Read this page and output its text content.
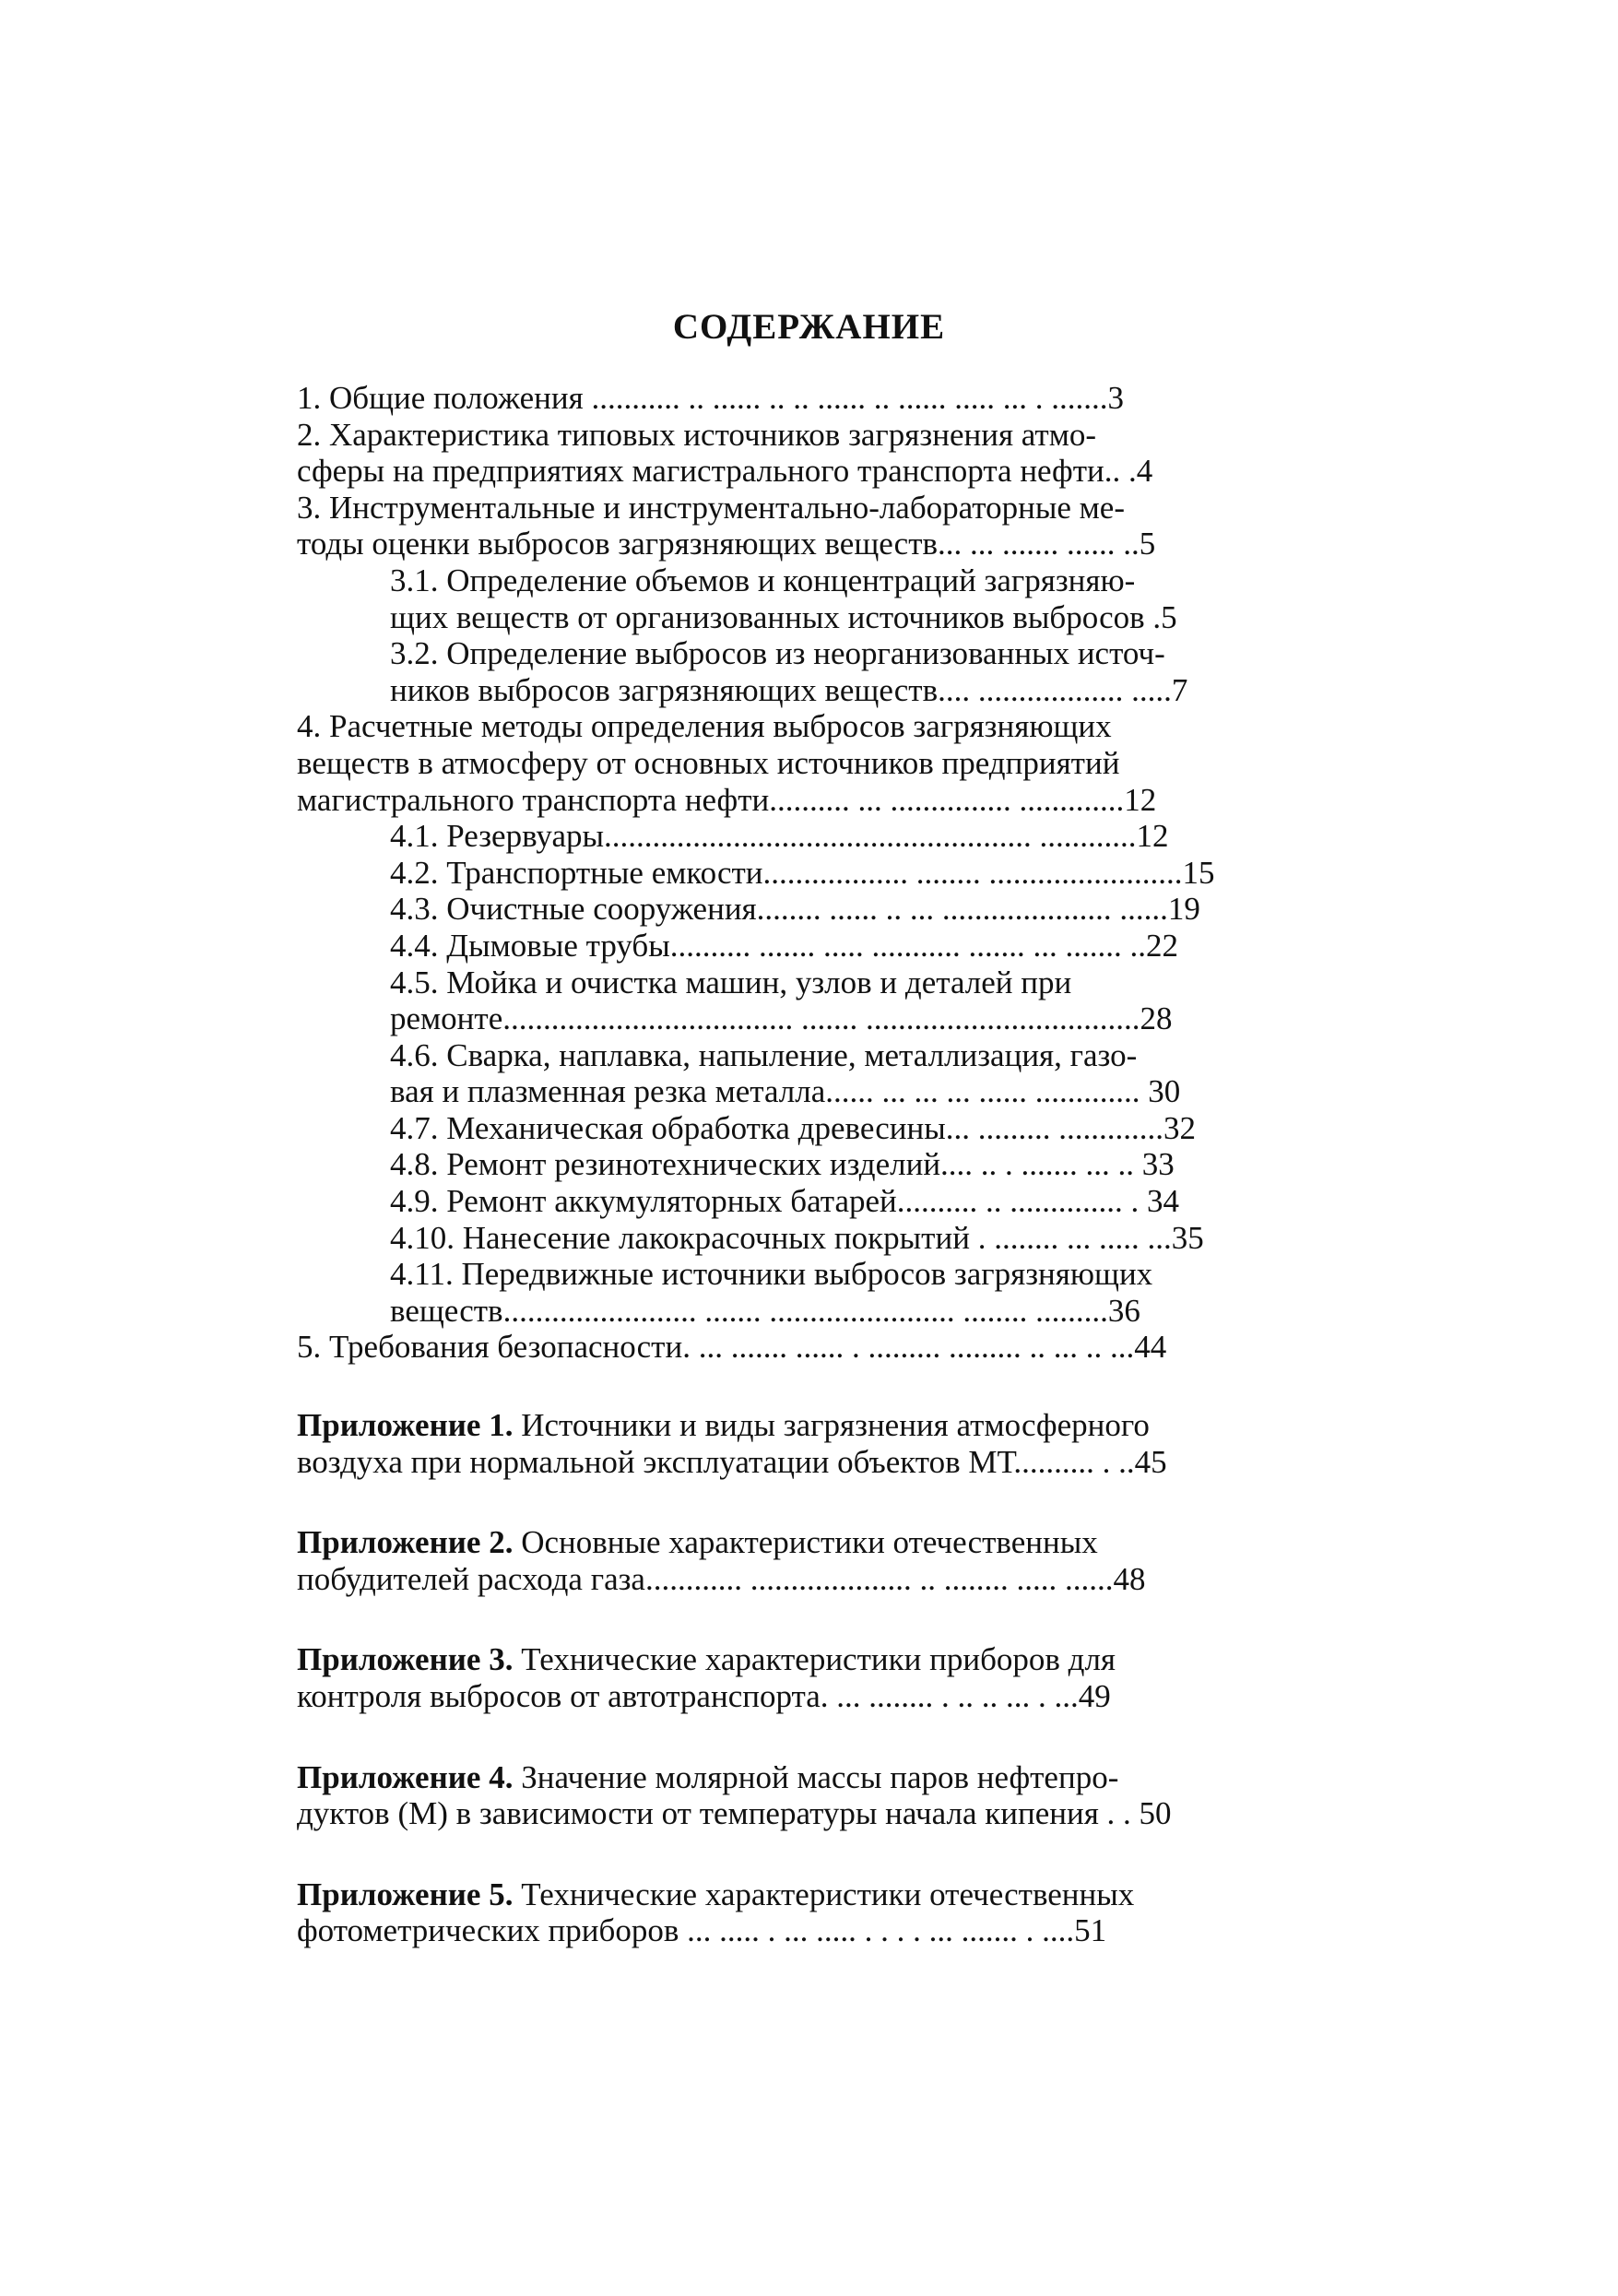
СОДЕРЖАНИЕ
1. Общие положения ........... .. ...... .. .. ...... .. ...... ..... ... . .......3
2. Характеристика типовых источников загрязнения атмо-
сферы на предприятиях магистрального транспорта нефти.. .4
3. Инструментальные и инструментально-лабораторные ме-
тоды оценки выбросов загрязняющих веществ... ... ....... ...... ..5
3.1. Определение объемов и концентраций загрязняю-
щих веществ от организованных источников выбросов .5
3.2. Определение выбросов из неорганизованных источ-
ников выбросов загрязняющих веществ.... .................. .....7
4. Расчетные методы определения выбросов загрязняющих
веществ в атмосферу от основных источников предприятий
магистрального транспорта нефти.......... ... ............... .............12
4.1. Резервуары..................................................... ............12
4.2. Транспортные емкости.................. ........ ........................15
4.3. Очистные сооружения........ ...... .. ... ..................... ......19
4.4. Дымовые трубы.......... ....... ..... ........... ....... ... ....... ..22
4.5. Мойка и очистка машин, узлов и деталей при
ремонте.................................... ....... ..................................28
4.6. Сварка, наплавка, напыление, металлизация, газо-
вая и плазменная резка металла...... ... ... ... ...... ............. 30
4.7. Механическая обработка древесины... ......... .............32
4.8. Ремонт резинотехнических изделий.... .. . ....... ... .. 33
4.9. Ремонт аккумуляторных батарей.......... .. .............. . 34
4.10. Нанесение лакокрасочных покрытий . ........ ... ..... ...35
4.11. Передвижные источники выбросов загрязняющих
веществ........................ ....... ....................... ........ .........36
5. Требования безопасности. ... ....... ...... . ......... ......... .. ... .. ...44
Приложение 1. Источники и виды загрязнения атмосферного
воздуха при нормальной эксплуатации объектов МТ.......... . ..45
Приложение 2. Основные характеристики отечественных
побудителей расхода газа............ .................... .. ........ ..... ......48
Приложение 3. Технические характеристики приборов для
контроля выбросов от автотранспорта. ... ........ . .. .. ... . ...49
Приложение 4. Значение молярной массы паров нефтепро-
дуктов (М) в зависимости от температуры начала кипения . . 50
Приложение 5. Технические характеристики отечественных
фотометрических приборов ... ..... . ... ..... . . . . ... ....... . ....51
